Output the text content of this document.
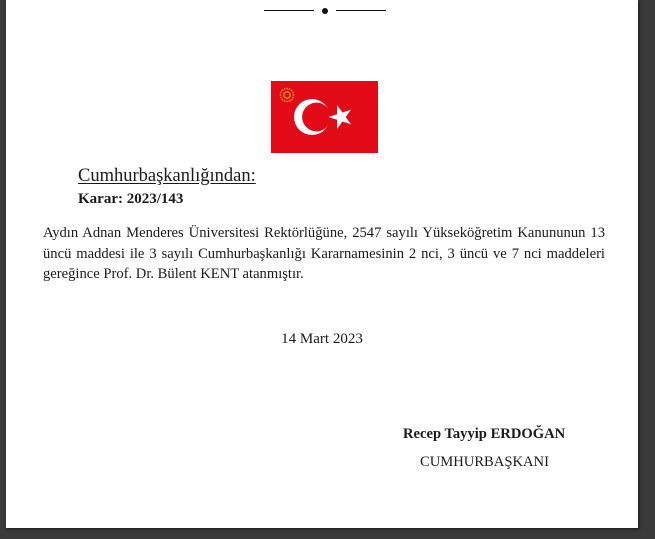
Cumhurbaşkanlığından:
Karar: 2023/143
Aydın Adnan Menderes Üniversitesi Rektörlüğüne, 2547 sayılı Yükseköğretim Kanununun 13 üncü maddesi ile 3 sayılı Cumhurbaşkanlığı Kararnamesinin 2 nci, 3 üncü ve 7 nci maddeleri gereğince Prof. Dr. Bülent KENT atanmıştır.
14 Mart 2023
Recep Tayyip ERDOĞAN
CUMHURBAŞKANI
